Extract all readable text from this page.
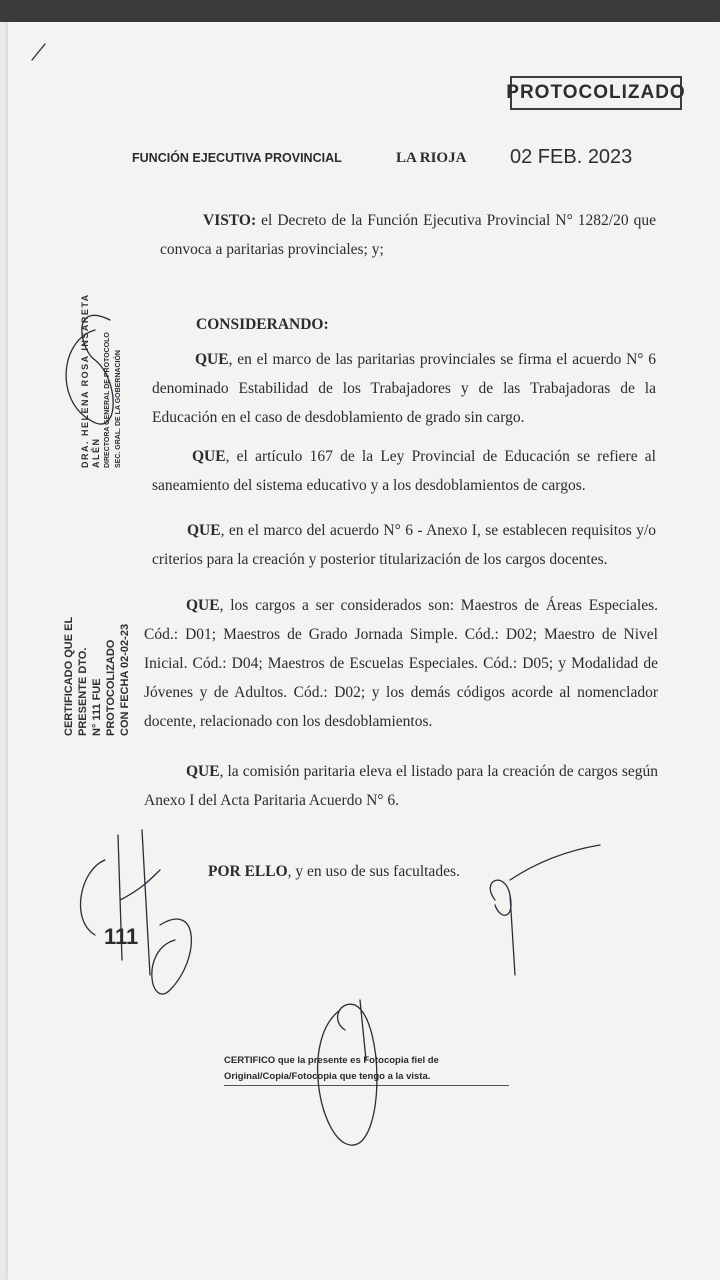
PROTOCOLIZADO
FUNCIÓN EJECUTIVA PROVINCIAL	LA RIOJA 02 FEB. 2023
VISTO: el Decreto de la Función Ejecutiva Provincial N° 1282/20 que convoca a paritarias provinciales; y;
CONSIDERANDO:
QUE, en el marco de las paritarias provinciales se firma el acuerdo N° 6 denominado Estabilidad de los Trabajadores y de las Trabajadoras de la Educación en el caso de desdoblamiento de grado sin cargo.
QUE, el artículo 167 de la Ley Provincial de Educación se refiere al saneamiento del sistema educativo y a los desdoblamientos de cargos.
QUE, en el marco del acuerdo N° 6 - Anexo I, se establecen requisitos y/o criterios para la creación y posterior titularización de los cargos docentes.
QUE, los cargos a ser considerados son: Maestros de Áreas Especiales. Cód.: D01; Maestros de Grado Jornada Simple. Cód.: D02; Maestro de Nivel Inicial. Cód.: D04; Maestros de Escuelas Especiales. Cód.: D05; y Modalidad de Jóvenes y de Adultos. Cód.: D02; y los demás códigos acorde al nomenclador docente, relacionado con los desdoblamientos.
QUE, la comisión paritaria eleva el listado para la creación de cargos según Anexo I del Acta Paritaria Acuerdo N° 6.
POR ELLO, y en uso de sus facultades.
DRA. HELENA ROSA INSARETA ALÉN DIRECTORA GENERAL DE PROTOCOLO SEC. GRAL. DE LA GOBERNACIÓN
CERTIFICADO QUE EL PRESENTE DTO. N° 111 FUE PROTOCOLIZADO CON FECHA 02-02-23
111
CERTIFICO que la presente es Fotocopia fiel de
Original/Copia/Fotocopia que tengo a la vista.
